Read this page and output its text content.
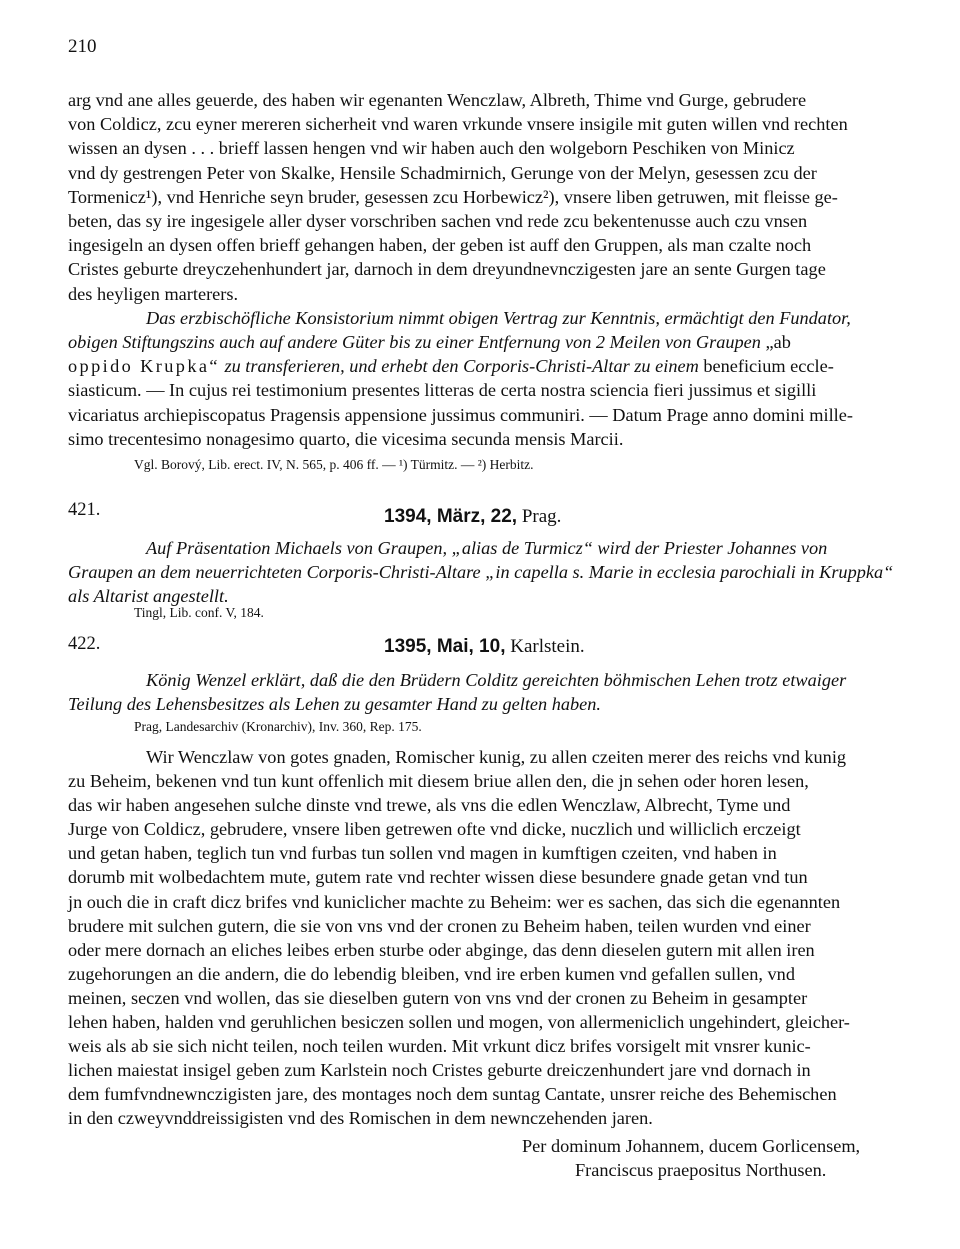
210

arg vnd ane alles geuerde, des haben wir egenanten Wenczlaw, Albreth, Thime vnd Gurge, gebrudere

von Coldicz, zcu eyner mereren sicherheit vnd waren vrkunde vnsere insigile mit guten willen vnd rechten

wissen an dysen . . . brieff lassen hengen vnd wir haben auch den wolgeborn Peschiken von Minicz

vnd dy gestrengen Peter von Skalke, Hensile Schadmirnich, Gerunge von der Melyn, gesessen zcu der

Tormenicz¹), vnd Henriche seyn bruder, gesessen zcu Horbewicz²), vnsere liben getruwen, mit fleisse ge-

beten, das sy ire ingesigele aller dyser vorschriben sachen vnd rede zcu bekentenusse auch czu vnsen

ingesigeln an dysen offen brieff gehangen haben, der geben ist auff den Gruppen, als man czalte noch

Cristes geburte dreyczehenhundert jar, darnoch in dem dreyundnevnczigesten jare an sente Gurgen tage

des heyligen marterers.

Das erzbischöfliche Konsistorium nimmt obigen Vertrag zur Kenntnis, ermächtigt den Fundator,

obigen Stiftungszins auch auf andere Güter bis zu einer Entfernung von 2 Meilen von Graupen „ab

oppido Krupka“ zu transferieren, und erhebt den Corporis-Christi-Altar zu einem beneficium eccle-

siasticum. — In cujus rei testimonium presentes litteras de certa nostra sciencia fieri jussimus et sigilli

vicariatus archiepiscopatus Pragensis appensione jussimus communiri. — Datum Prage anno domini mille-

simo trecentesimo nonagesimo quarto, die vicesima secunda mensis Marcii.

Vgl. Borový, Lib. erect. IV, N. 565, p. 406 ff. — ¹) Türmitz. — ²) Herbitz.

421.	1394, März, 22, Prag.

Auf Präsentation Michaels von Graupen, „alias de Turmicz“ wird der Priester Johannes von

Graupen an dem neuerrichteten Corporis-Christi-Altare „in capella s. Marie in ecclesia parochiali in Kruppka“

als Altarist angestellt.

Tingl, Lib. conf. V, 184.
422.	1395, Mai, 10, Karlstein.

König Wenzel erklärt, daß die den Brüdern Colditz gereichten böhmischen Lehen trotz etwaiger

Teilung des Lehensbesitzes als Lehen zu gesamter Hand zu gelten haben.

Prag, Landesarchiv (Kronarchiv), Inv. 360, Rep. 175.

Wir Wenczlaw von gotes gnaden, Romischer kunig, zu allen czeiten merer des reichs vnd kunig

zu Beheim, bekenen vnd tun kunt offenlich mit diesem briue allen den, die jn sehen oder horen lesen,

das wir haben angesehen sulche dinste vnd trewe, als vns die edlen Wenczlaw, Albrecht, Tyme und

Jurge von Coldicz, gebrudere, vnsere liben getrewen ofte vnd dicke, nuczlich und williclich erczeigt

und getan haben, teglich tun vnd furbas tun sollen vnd magen in kumftigen czeiten, vnd haben in

dorumb mit wolbedachtem mute, gutem rate vnd rechter wissen diese besundere gnade getan vnd tun

jn ouch die in craft dicz brifes vnd kuniclicher machte zu Beheim: wer es sachen, das sich die egenannten

brudere mit sulchen gutern, die sie von vns vnd der cronen zu Beheim haben, teilen wurden vnd einer

oder mere dornach an eliches leibes erben sturbe oder abginge, das denn dieselen gutern mit allen iren

zugehorungen an die andern, die do lebendig bleiben, vnd ire erben kumen vnd gefallen sullen, vnd

meinen, seczen vnd wollen, das sie dieselben gutern von vns vnd der cronen zu Beheim in gesampter

lehen haben, halden vnd geruhlichen besiczen sollen und mogen, von allermeniclich ungehindert, gleicher-

weis als ab sie sich nicht teilen, noch teilen wurden. Mit vrkunt dicz brifes vorsigelt mit vnsrer kunic-

lichen maiestat insigel geben zum Karlstein noch Cristes geburte dreiczenhundert jare vnd dornach in

dem fumfvndnewnczigisten jare, des montages noch dem suntag Cantate, unsrer reiche des Behemischen

in den czweyvnddreissigisten vnd des Romischen in dem newnczehenden jaren.

Per dominum Johannem, ducem Gorlicensem,
Franciscus praepositus Northusen.
